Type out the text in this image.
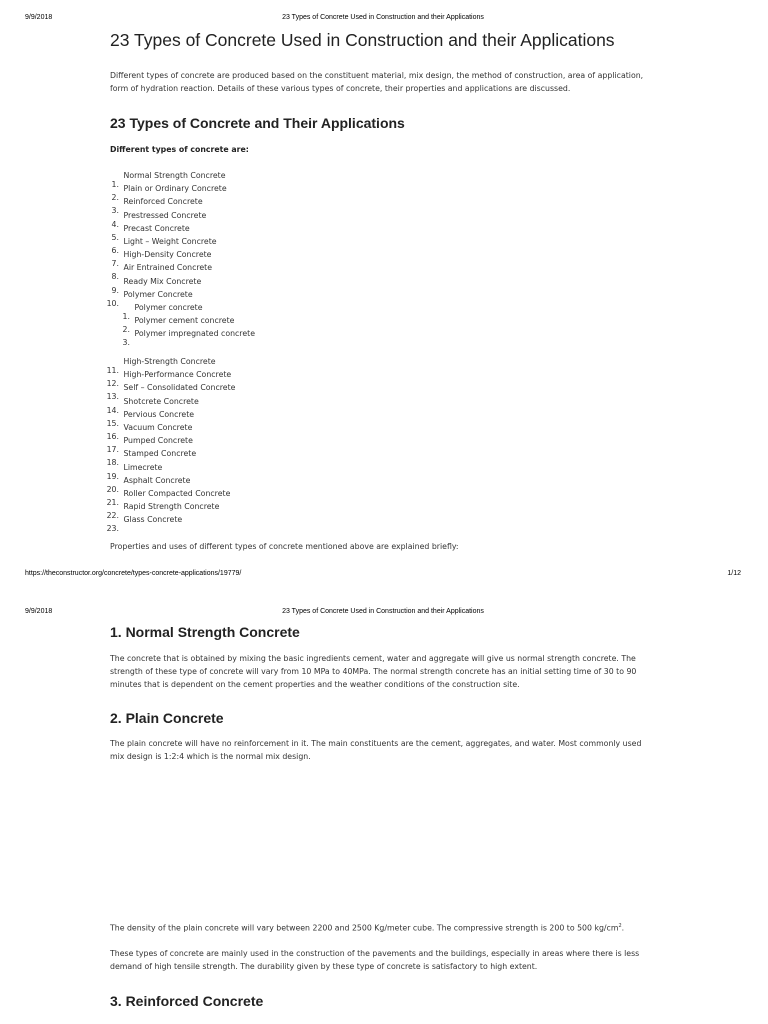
9/9/2018	23 Types of Concrete Used in Construction and their Applications
23 Types of Concrete Used in Construction and their Applications

Different types of concrete are produced based on the constituent material, mix design, the method of construction, area of application, form of hydration reaction. Details of these various types of concrete, their properties and applications are discussed.

23 Types of Concrete and Their Applications

Different types of concrete are:

1.
Normal Strength Concrete
2.
Plain or Ordinary Concrete
3.
Reinforced Concrete
4.
Prestressed Concrete
5.
Precast Concrete
6.
Light – Weight Concrete
7.
High-Density Concrete
8.
Air Entrained Concrete
9.
Ready Mix Concrete
10.
Polymer Concrete
1.
Polymer concrete
2.
Polymer cement concrete
3.
Polymer impregnated concrete
11.
High-Strength Concrete
12.
High-Performance Concrete
13.
Self – Consolidated Concrete
14.
Shotcrete Concrete
15.
Pervious Concrete
16.
Vacuum Concrete
17.
Pumped Concrete
18.
Stamped Concrete
19.
Limecrete
20.
Asphalt Concrete
21.
Roller Compacted Concrete
22.
Rapid Strength Concrete
23.
Glass Concrete

Properties and uses of different types of concrete mentioned above are explained briefly:

https://theconstructor.org/concrete/types-concrete-applications/19779/	1/12
9/9/2018	23 Types of Concrete Used in Construction and their Applications
1. Normal Strength Concrete

The concrete that is obtained by mixing the basic ingredients cement, water and aggregate will give us normal strength concrete. The strength of these type of concrete will vary from 10 MPa to 40MPa. The normal strength concrete has an initial setting time of 30 to 90 minutes that is dependent on the cement properties and the weather conditions of the construction site.

2. Plain Concrete

The plain concrete will have no reinforcement in it. The main constituents are the cement, aggregates, and water. Most commonly used mix design is 1:2:4 which is the normal mix design.

The density of the plain concrete will vary between 2200 and 2500 Kg/meter cube. The compressive strength is 200 to 500 $kg/cm^2$.

These types of concrete are mainly used in the construction of the pavements and the buildings, especially in areas where there is less demand of high tensile strength. The durability given by these type of concrete is satisfactory to high extent.

3. Reinforced Concrete
